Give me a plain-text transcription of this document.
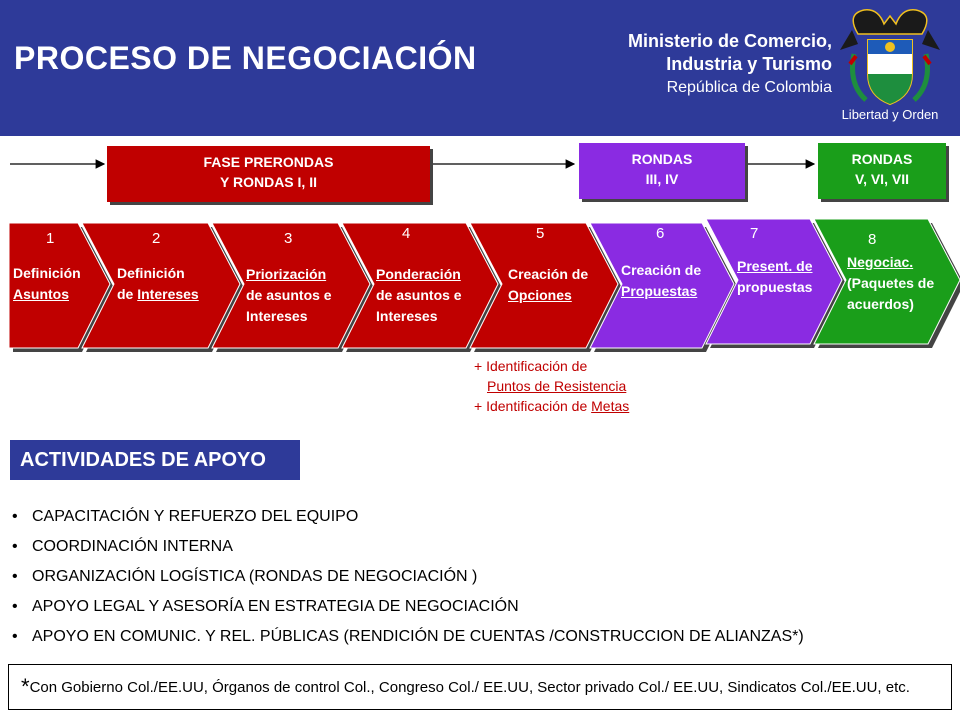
PROCESO DE NEGOCIACIÓN	Ministerio de Comercio,
Industria y Turismo
República de Colombia
Libertad y Orden
FASE PRERONDAS
Y RONDAS I, II
RONDAS
III, IV
RONDAS
V, VI, VII
1
Definición
Asuntos
2
Definición
de Intereses
3
Priorización
de asuntos e
Intereses
4
Ponderación
de asuntos e
Intereses
5
Creación de
Opciones
6
Creación de
Propuestas
7
Present. de
propuestas
8
Negociac.
(Paquetes de
acuerdos)
+ Identificación de
Puntos de Resistencia
+ Identificación de Metas
ACTIVIDADES DE APOYO
• CAPACITACIÓN Y REFUERZO DEL EQUIPO
• COORDINACIÓN INTERNA
• ORGANIZACIÓN LOGÍSTICA (RONDAS DE NEGOCIACIÓN )
• APOYO LEGAL Y ASESORÍA EN ESTRATEGIA DE NEGOCIACIÓN
• APOYO EN COMUNIC. Y REL. PÚBLICAS (RENDICIÓN DE CUENTAS /CONSTRUCCION DE ALIANZAS*)
*Con Gobierno Col./EE.UU, Órganos de control Col., Congreso Col./ EE.UU, Sector privado Col./ EE.UU, Sindicatos Col./EE.UU, etc.
